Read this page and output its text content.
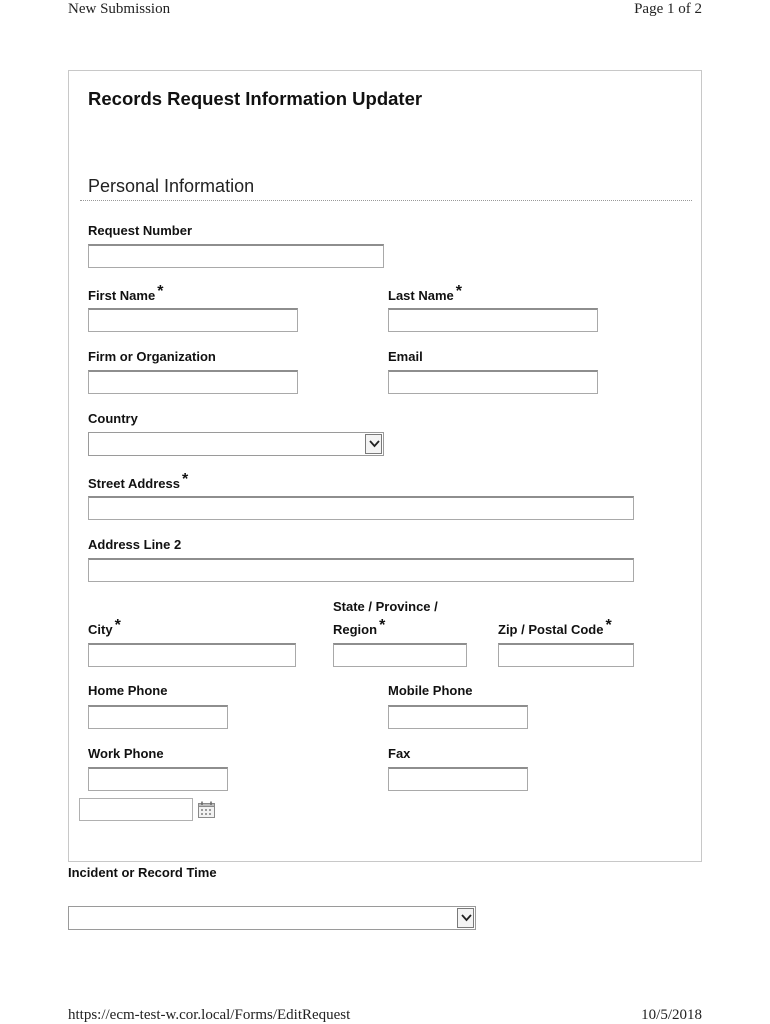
New Submission	Page 1 of 2
Records Request Information Updater
Personal Information
Request Number
First Name *	Last Name *
Firm or Organization	Email
Country
Street Address *
Address Line 2
State / Province /
City *	Region *	Zip / Postal Code *
Home Phone	Mobile Phone
Work Phone	Fax
Incident or Record Time
https://ecm-test-w.cor.local/Forms/EditRequest	10/5/2018
